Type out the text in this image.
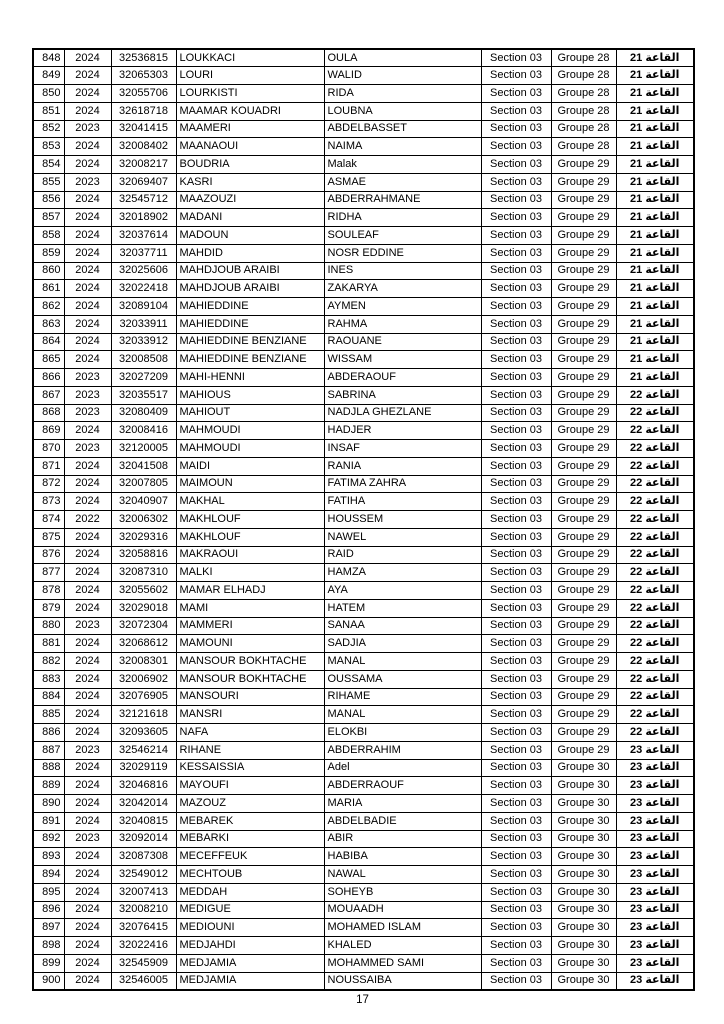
848	2024	32536815	LOUKKACI	OULA	Section 03	Groupe 28	القاعة 21
849	2024	32065303	LOURI	WALID	Section 03	Groupe 28	القاعة 21
850	2024	32055706	LOURKISTI	RIDA	Section 03	Groupe 28	القاعة 21
851	2024	32618718	MAAMAR KOUADRI	LOUBNA	Section 03	Groupe 28	القاعة 21
852	2023	32041415	MAAMERI	ABDELBASSET	Section 03	Groupe 28	القاعة 21
853	2024	32008402	MAANAOUI	NAIMA	Section 03	Groupe 28	القاعة 21
854	2024	32008217	BOUDRIA	Malak	Section 03	Groupe 29	القاعة 21
855	2023	32069407	KASRI	ASMAE	Section 03	Groupe 29	القاعة 21
856	2024	32545712	MAAZOUZI	ABDERRAHMANE	Section 03	Groupe 29	القاعة 21
857	2024	32018902	MADANI	RIDHA	Section 03	Groupe 29	القاعة 21
858	2024	32037614	MADOUN	SOULEAF	Section 03	Groupe 29	القاعة 21
859	2024	32037711	MAHDID	NOSR EDDINE	Section 03	Groupe 29	القاعة 21
860	2024	32025606	MAHDJOUB ARAIBI	INES	Section 03	Groupe 29	القاعة 21
861	2024	32022418	MAHDJOUB ARAIBI	ZAKARYA	Section 03	Groupe 29	القاعة 21
862	2024	32089104	MAHIEDDINE	AYMEN	Section 03	Groupe 29	القاعة 21
863	2024	32033911	MAHIEDDINE	RAHMA	Section 03	Groupe 29	القاعة 21
864	2024	32033912	MAHIEDDINE BENZIANE	RAOUANE	Section 03	Groupe 29	القاعة 21
865	2024	32008508	MAHIEDDINE BENZIANE	WISSAM	Section 03	Groupe 29	القاعة 21
866	2023	32027209	MAHI-HENNI	ABDERAOUF	Section 03	Groupe 29	القاعة 21
867	2023	32035517	MAHIOUS	SABRINA	Section 03	Groupe 29	القاعة 22
868	2023	32080409	MAHIOUT	NADJLA GHEZLANE	Section 03	Groupe 29	القاعة 22
869	2024	32008416	MAHMOUDI	HADJER	Section 03	Groupe 29	القاعة 22
870	2023	32120005	MAHMOUDI	INSAF	Section 03	Groupe 29	القاعة 22
871	2024	32041508	MAIDI	RANIA	Section 03	Groupe 29	القاعة 22
872	2024	32007805	MAIMOUN	FATIMA ZAHRA	Section 03	Groupe 29	القاعة 22
873	2024	32040907	MAKHAL	FATIHA	Section 03	Groupe 29	القاعة 22
874	2022	32006302	MAKHLOUF	HOUSSEM	Section 03	Groupe 29	القاعة 22
875	2024	32029316	MAKHLOUF	NAWEL	Section 03	Groupe 29	القاعة 22
876	2024	32058816	MAKRAOUI	RAID	Section 03	Groupe 29	القاعة 22
877	2024	32087310	MALKI	HAMZA	Section 03	Groupe 29	القاعة 22
878	2024	32055602	MAMAR ELHADJ	AYA	Section 03	Groupe 29	القاعة 22
879	2024	32029018	MAMI	HATEM	Section 03	Groupe 29	القاعة 22
880	2023	32072304	MAMMERI	SANAA	Section 03	Groupe 29	القاعة 22
881	2024	32068612	MAMOUNI	SADJIA	Section 03	Groupe 29	القاعة 22
882	2024	32008301	MANSOUR BOKHTACHE	MANAL	Section 03	Groupe 29	القاعة 22
883	2024	32006902	MANSOUR BOKHTACHE	OUSSAMA	Section 03	Groupe 29	القاعة 22
884	2024	32076905	MANSOURI	RIHAME	Section 03	Groupe 29	القاعة 22
885	2024	32121618	MANSRI	MANAL	Section 03	Groupe 29	القاعة 22
886	2024	32093605	NAFA	ELOKBI	Section 03	Groupe 29	القاعة 22
887	2023	32546214	RIHANE	ABDERRAHIM	Section 03	Groupe 29	القاعة 23
888	2024	32029119	KESSAISSIA	Adel	Section 03	Groupe 30	القاعة 23
889	2024	32046816	MAYOUFI	ABDERRAOUF	Section 03	Groupe 30	القاعة 23
890	2024	32042014	MAZOUZ	MARIA	Section 03	Groupe 30	القاعة 23
891	2024	32040815	MEBAREK	ABDELBADIE	Section 03	Groupe 30	القاعة 23
892	2023	32092014	MEBARKI	ABIR	Section 03	Groupe 30	القاعة 23
893	2024	32087308	MECEFFEUK	HABIBA	Section 03	Groupe 30	القاعة 23
894	2024	32549012	MECHTOUB	NAWAL	Section 03	Groupe 30	القاعة 23
895	2024	32007413	MEDDAH	SOHEYB	Section 03	Groupe 30	القاعة 23
896	2024	32008210	MEDIGUE	MOUAADH	Section 03	Groupe 30	القاعة 23
897	2024	32076415	MEDIOUNI	MOHAMED ISLAM	Section 03	Groupe 30	القاعة 23
898	2024	32022416	MEDJAHDI	KHALED	Section 03	Groupe 30	القاعة 23
899	2024	32545909	MEDJAMIA	MOHAMMED SAMI	Section 03	Groupe 30	القاعة 23
900	2024	32546005	MEDJAMIA	NOUSSAIBA	Section 03	Groupe 30	القاعة 23
17
